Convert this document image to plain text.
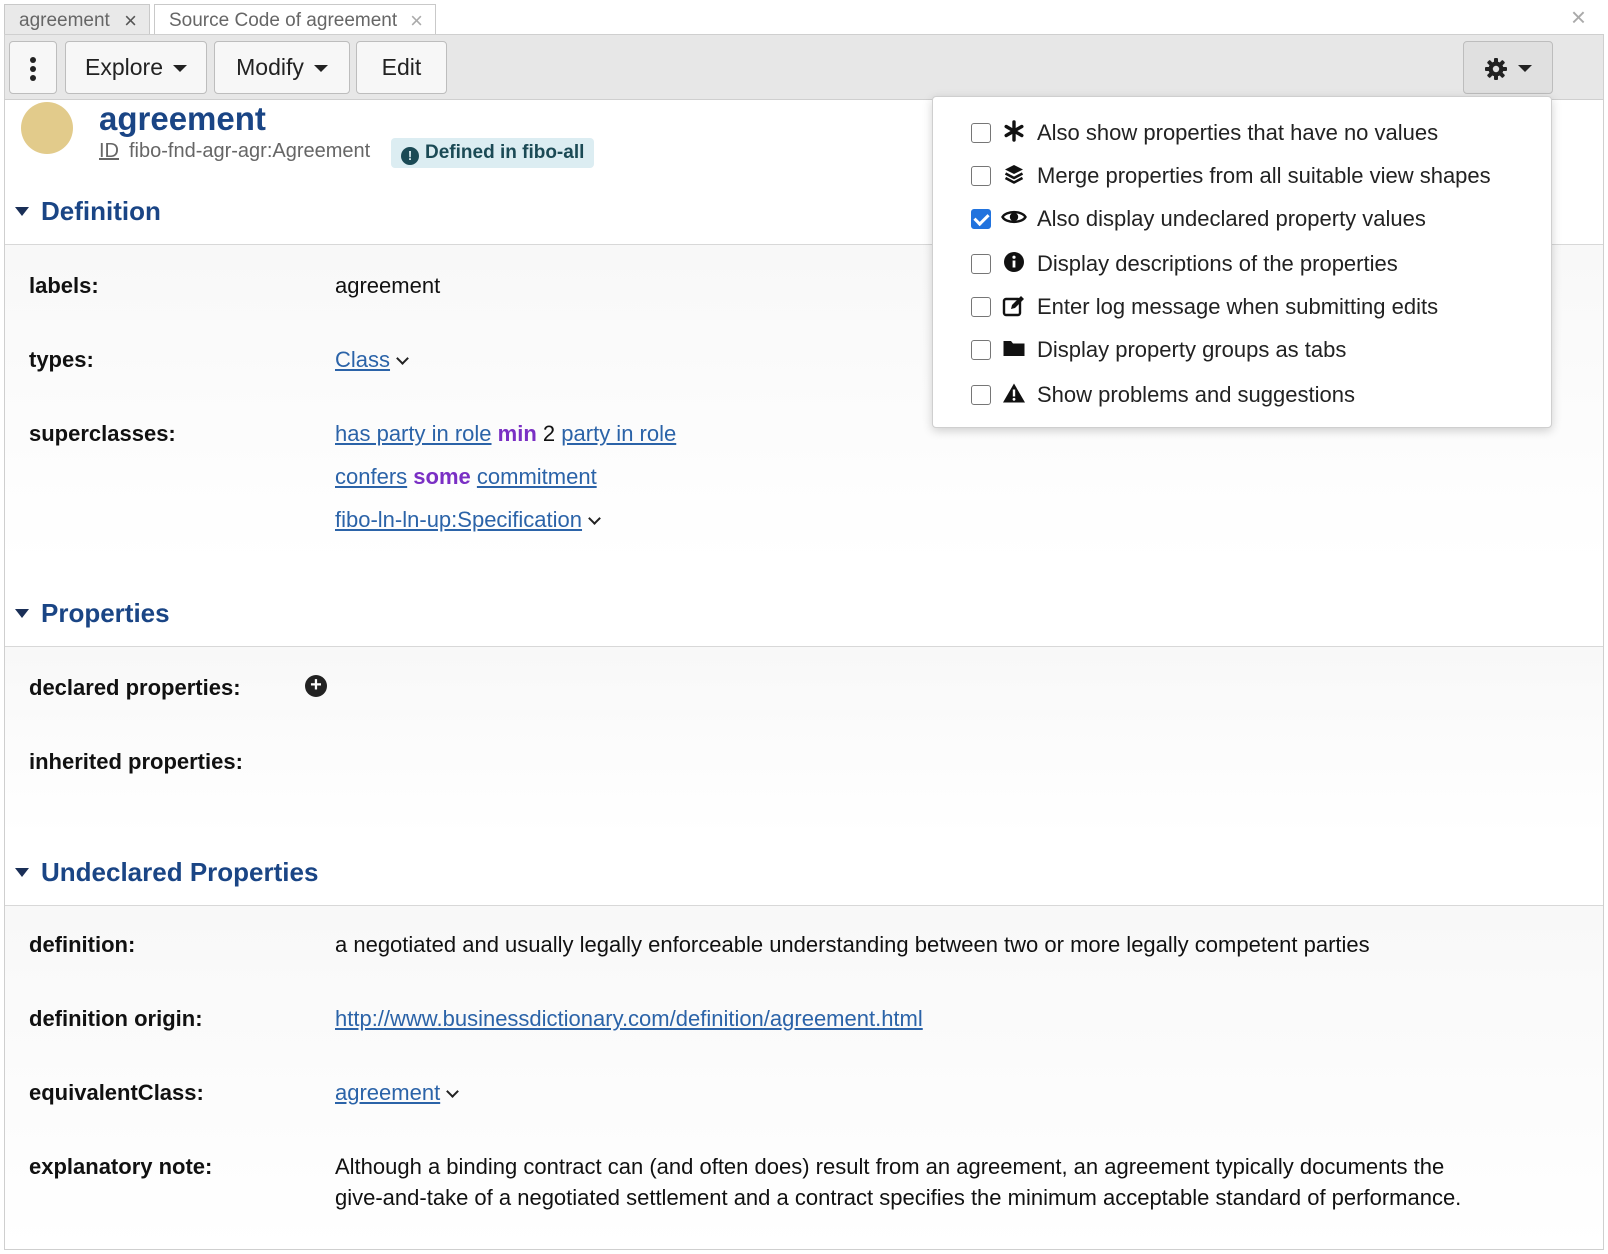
agreement ×	Source Code of agreement ×	×
Explore	Modify	Edit
agreement
ID fibo-fnd-agr-agr:Agreement	! Defined in fibo-all
Definition
labels:	agreement
types:	Class
superclasses:	has party in role min 2 party in role
confers some commitment
fibo-ln-ln-up:Specification
Properties
declared properties:	+
inherited properties:
Undeclared Properties
definition:	a negotiated and usually legally enforceable understanding between two or more legally competent parties
definition origin:	http://www.businessdictionary.com/definition/agreement.html
equivalentClass:	agreement
explanatory note:	Although a binding contract can (and often does) result from an agreement, an agreement typically documents the
give-and-take of a negotiated settlement and a contract specifies the minimum acceptable standard of performance.
Also show properties that have no values
Merge properties from all suitable view shapes
Also display undeclared property values
Display descriptions of the properties
Enter log message when submitting edits
Display property groups as tabs
Show problems and suggestions
